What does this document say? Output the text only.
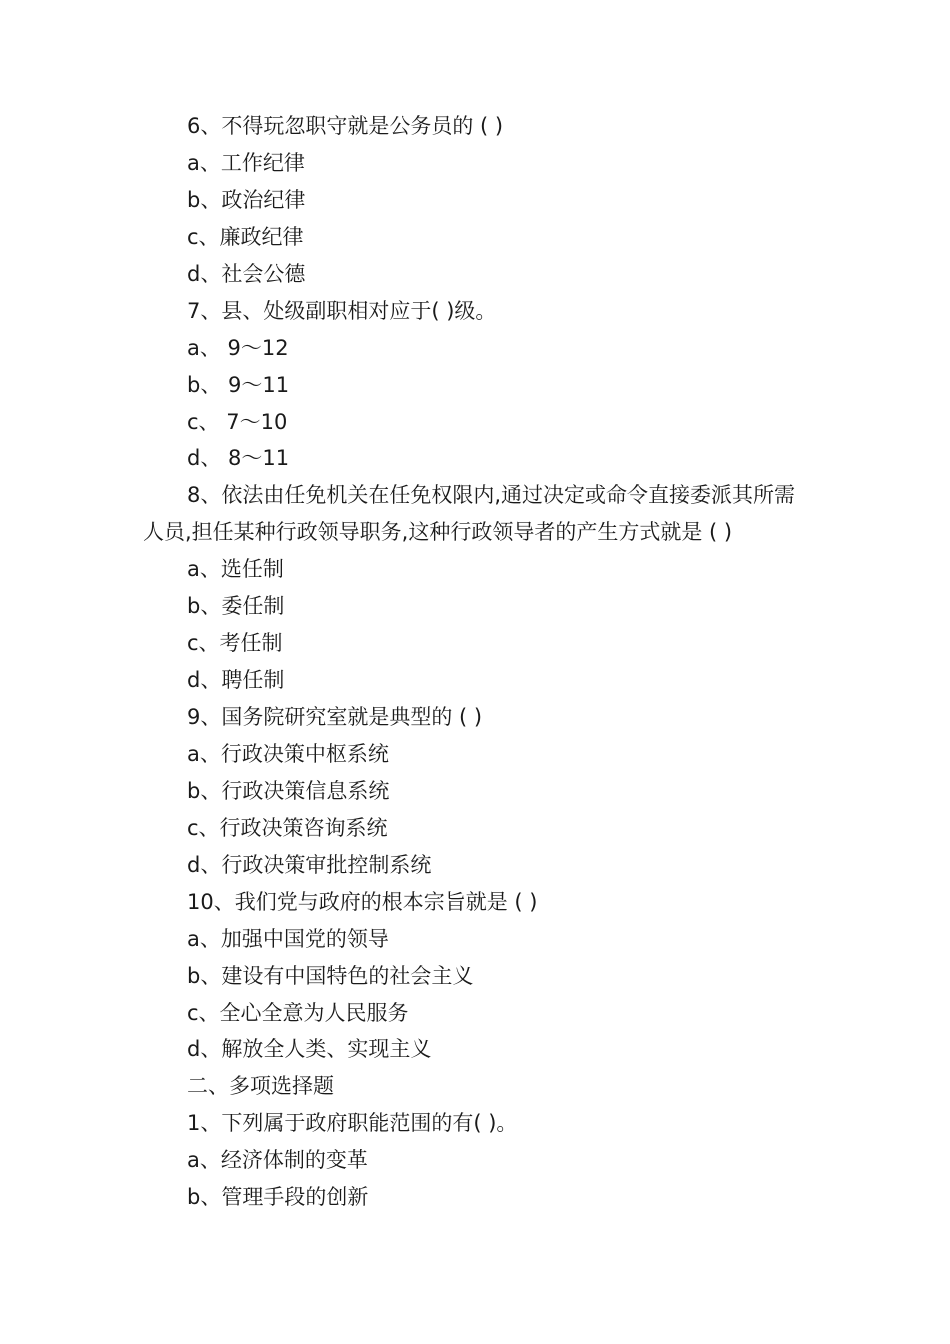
6、不得玩忽职守就是公务员的 ( )
a、工作纪律
b、政治纪律
c、廉政纪律
d、社会公德
7、县、处级副职相对应于( )级。
a、 9～12
b、 9～11
c、 7～10
d、 8～11
8、依法由任免机关在任免权限内,通过决定或命令直接委派其所需人员,担任某种行政领导职务,这种行政领导者的产生方式就是 ( )
a、选任制
b、委任制
c、考任制
d、聘任制
9、国务院研究室就是典型的 ( )
a、行政决策中枢系统
b、行政决策信息系统
c、行政决策咨询系统
d、行政决策审批控制系统
10、我们党与政府的根本宗旨就是 ( )
a、加强中国党的领导
b、建设有中国特色的社会主义
c、全心全意为人民服务
d、解放全人类、实现主义
二、多项选择题
1、下列属于政府职能范围的有( )。
a、经济体制的变革
b、管理手段的创新
